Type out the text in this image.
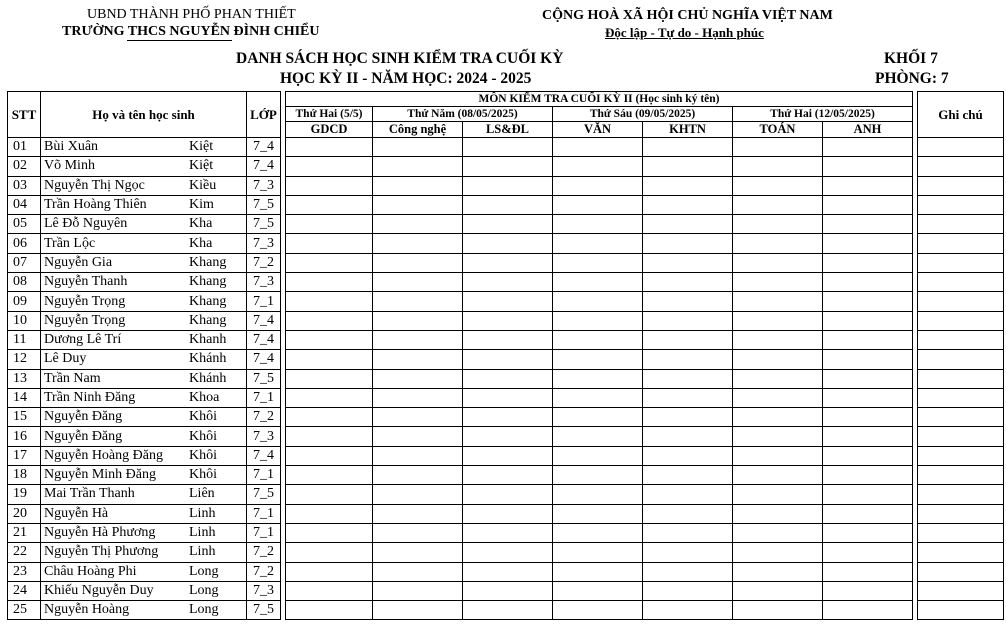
UBND THÀNH PHỐ PHAN THIẾT
TRƯỜNG THCS NGUYỄN ĐÌNH CHIỂU
CỘNG HOÀ XÃ HỘI CHỦ NGHĨA VIỆT NAM
Độc lập - Tự do - Hạnh phúc
DANH SÁCH HỌC SINH KIỂM TRA CUỐI KỲ
HỌC KỲ II - NĂM HỌC: 2024 - 2025
KHỐI 7
PHÒNG: 7
STT	Họ và tên học sinh	LỚP		MÔN KIỂM TRA CUỐI KỲ II (Học sinh ký tên)								Ghi chú
				Thứ Hai (5/5)	Thứ Năm (08/05/2025)		Thứ Sáu (09/05/2025)		Thứ Hai (12/05/2025)			
				GDCD	Công nghệ	LS&ĐL	VĂN	KHTN	TOÁN	ANH		
01	Bùi Xuân Kiệt	7_4										
02	Võ Minh Kiệt	7_4										
03	Nguyễn Thị Ngọc Kiều	7_3										
04	Trần Hoàng Thiên Kim	7_5										
05	Lê Đỗ Nguyên Kha	7_5										
06	Trần Lộc Kha	7_3										
07	Nguyễn Gia Khang	7_2										
08	Nguyễn Thanh Khang	7_3										
09	Nguyễn Trọng Khang	7_1										
10	Nguyễn Trọng Khang	7_4										
11	Dương Lê Trí Khanh	7_4										
12	Lê Duy Khánh	7_4										
13	Trần Nam Khánh	7_5										
14	Trần Ninh Đăng Khoa	7_1										
15	Nguyễn Đăng Khôi	7_2										
16	Nguyễn Đăng Khôi	7_3										
17	Nguyễn Hoàng Đăng Khôi	7_4										
18	Nguyễn Minh Đăng Khôi	7_1										
19	Mai Trần Thanh Liên	7_5										
20	Nguyễn Hà Linh	7_1										
21	Nguyễn Hà Phương Linh	7_1										
22	Nguyễn Thị Phương Linh	7_2										
23	Châu Hoàng Phi Long	7_2										
24	Khiếu Nguyễn Duy Long	7_3										
25	Nguyễn Hoàng Long	7_5										
